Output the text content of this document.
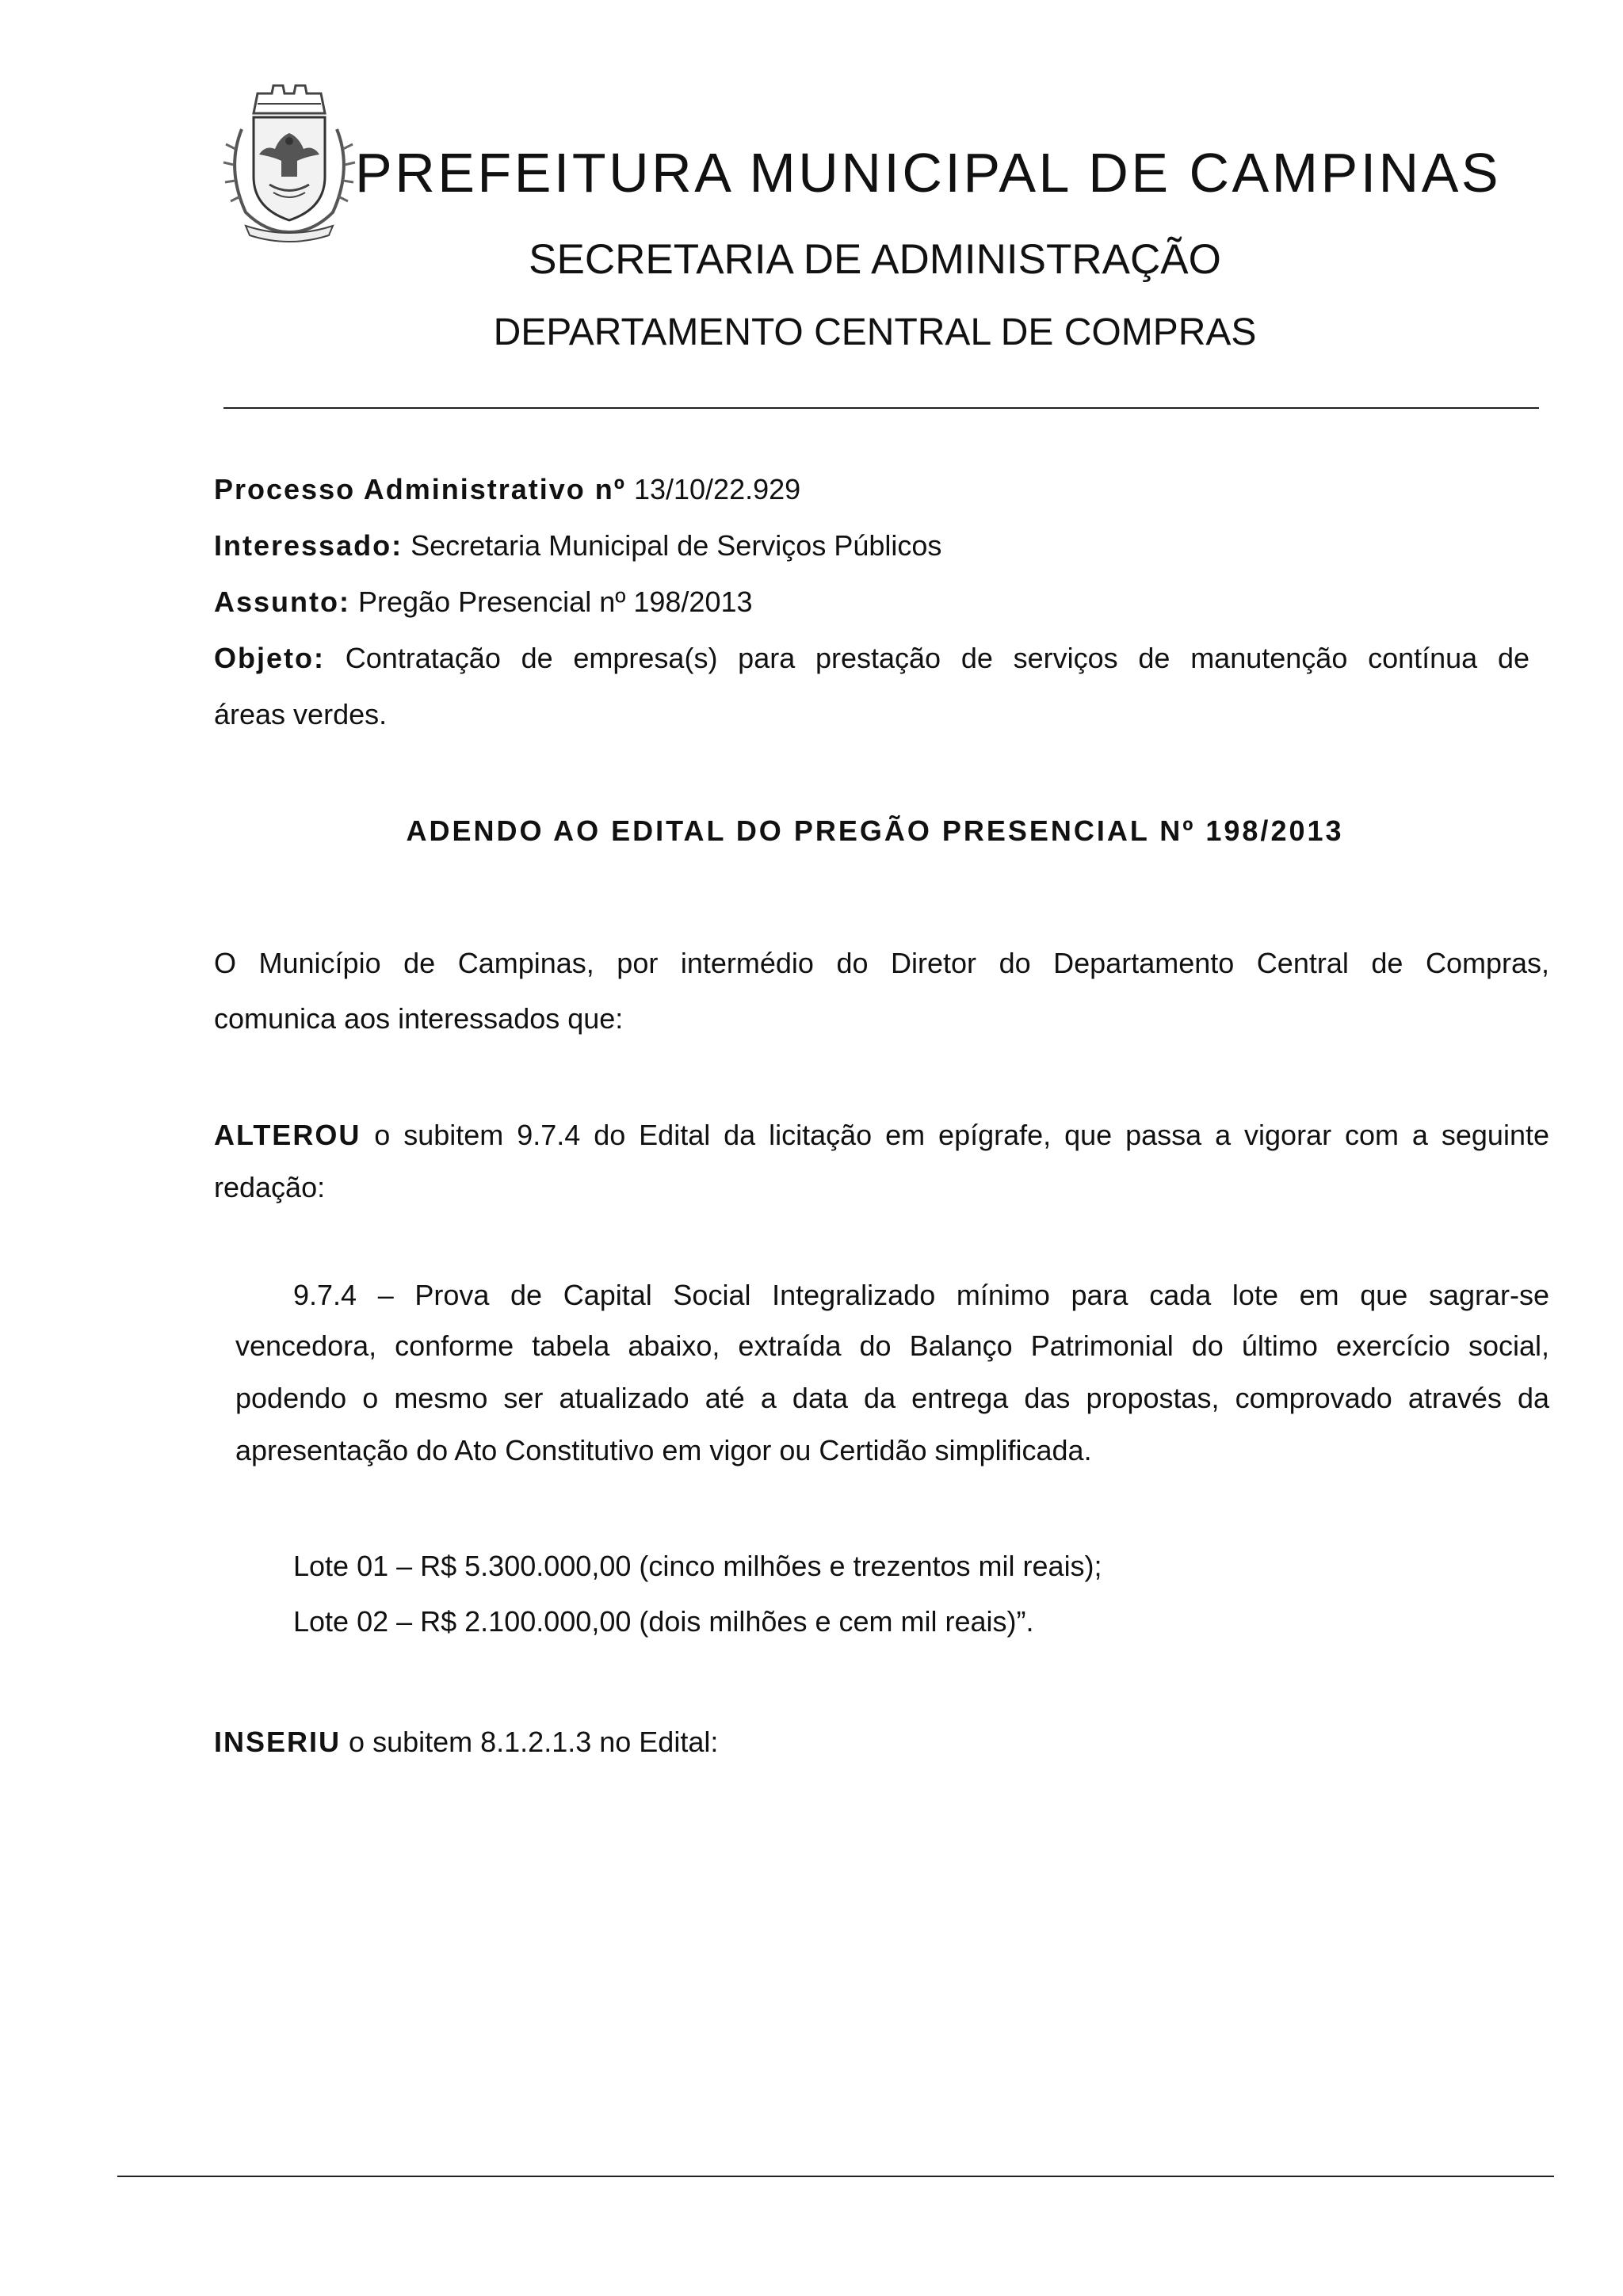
PREFEITURA MUNICIPAL DE CAMPINAS
SECRETARIA DE ADMINISTRAÇÃO
DEPARTAMENTO CENTRAL DE COMPRAS
Processo Administrativo nº 13/10/22.929
Interessado: Secretaria Municipal de Serviços Públicos
Assunto: Pregão Presencial nº 198/2013
Objeto: Contratação de empresa(s) para prestação de serviços de manutenção contínua de
áreas verdes.
ADENDO AO EDITAL DO PREGÃO PRESENCIAL Nº 198/2013
O Município de Campinas, por intermédio do Diretor do Departamento Central de Compras,
comunica aos interessados que:
ALTEROU o subitem 9.7.4 do Edital da licitação em epígrafe, que passa a vigorar com a seguinte
redação:
9.7.4 – Prova de Capital Social Integralizado mínimo para cada lote em que sagrar-se
vencedora, conforme tabela abaixo, extraída do Balanço Patrimonial do último exercício social,
podendo o mesmo ser atualizado até a data da entrega das propostas, comprovado através da
apresentação do Ato Constitutivo em vigor ou Certidão simplificada.
Lote 01 – R$ 5.300.000,00 (cinco milhões e trezentos mil reais);
Lote 02 – R$ 2.100.000,00 (dois milhões e cem mil reais)”.
INSERIU o subitem 8.1.2.1.3 no Edital:
